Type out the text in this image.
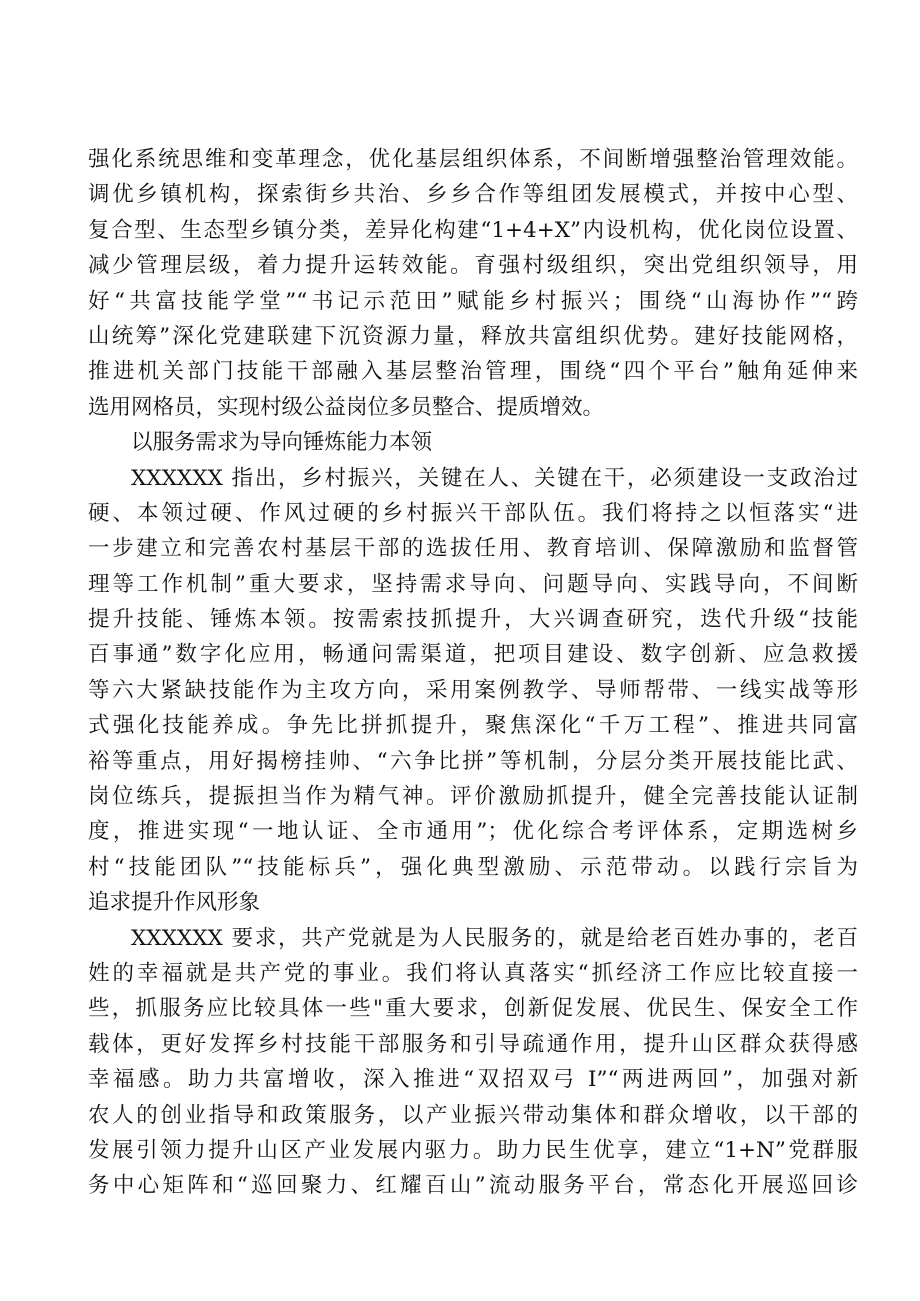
强化系统思维和变革理念，优化基层组织体系，不间断增强整治管理效能。
调优乡镇机构，探索街乡共治、乡乡合作等组团发展模式，并按中心型、
复合型、生态型乡镇分类，差异化构建“1+4+X”内设机构，优化岗位设置、
减少管理层级，着力提升运转效能。育强村级组织，突出党组织领导，用
好“共富技能学堂”“书记示范田”赋能乡村振兴；围绕“山海协作”“跨
山统筹”深化党建联建下沉资源力量，释放共富组织优势。建好技能网格，
推进机关部门技能干部融入基层整治管理，围绕“四个平台”触角延伸来
选用网格员，实现村级公益岗位多员整合、提质增效。
以服务需求为导向锤炼能力本领
XXXXXX 指出，乡村振兴，关键在人、关键在干，必须建设一支政治过
硬、本领过硬、作风过硬的乡村振兴干部队伍。我们将持之以恒落实“进
一步建立和完善农村基层干部的选拔任用、教育培训、保障激励和监督管
理等工作机制”重大要求，坚持需求导向、问题导向、实践导向，不间断
提升技能、锤炼本领。按需索技抓提升，大兴调查研究，迭代升级“技能
百事通”数字化应用，畅通问需渠道，把项目建设、数字创新、应急救援
等六大紧缺技能作为主攻方向，采用案例教学、导师帮带、一线实战等形
式强化技能养成。争先比拼抓提升，聚焦深化“千万工程”、推进共同富
裕等重点，用好揭榜挂帅、“六争比拼”等机制，分层分类开展技能比武、
岗位练兵，提振担当作为精气神。评价激励抓提升，健全完善技能认证制
度，推进实现“一地认证、全市通用”；优化综合考评体系，定期选树乡
村“技能团队”“技能标兵”，强化典型激励、示范带动。以践行宗旨为
追求提升作风形象
XXXXXX 要求，共产党就是为人民服务的，就是给老百姓办事的，老百
姓的幸福就是共产党的事业。我们将认真落实“抓经济工作应比较直接一
些，抓服务应比较具体一些"重大要求，创新促发展、优民生、保安全工作
载体，更好发挥乡村技能干部服务和引导疏通作用，提升山区群众获得感
幸福感。助力共富增收，深入推进“双招双弓 I”“两进两回”，加强对新
农人的创业指导和政策服务，以产业振兴带动集体和群众增收，以干部的
发展引领力提升山区产业发展内驱力。助力民生优享，建立“1+N”党群服
务中心矩阵和“巡回聚力、红耀百山”流动服务平台，常态化开展巡回诊
